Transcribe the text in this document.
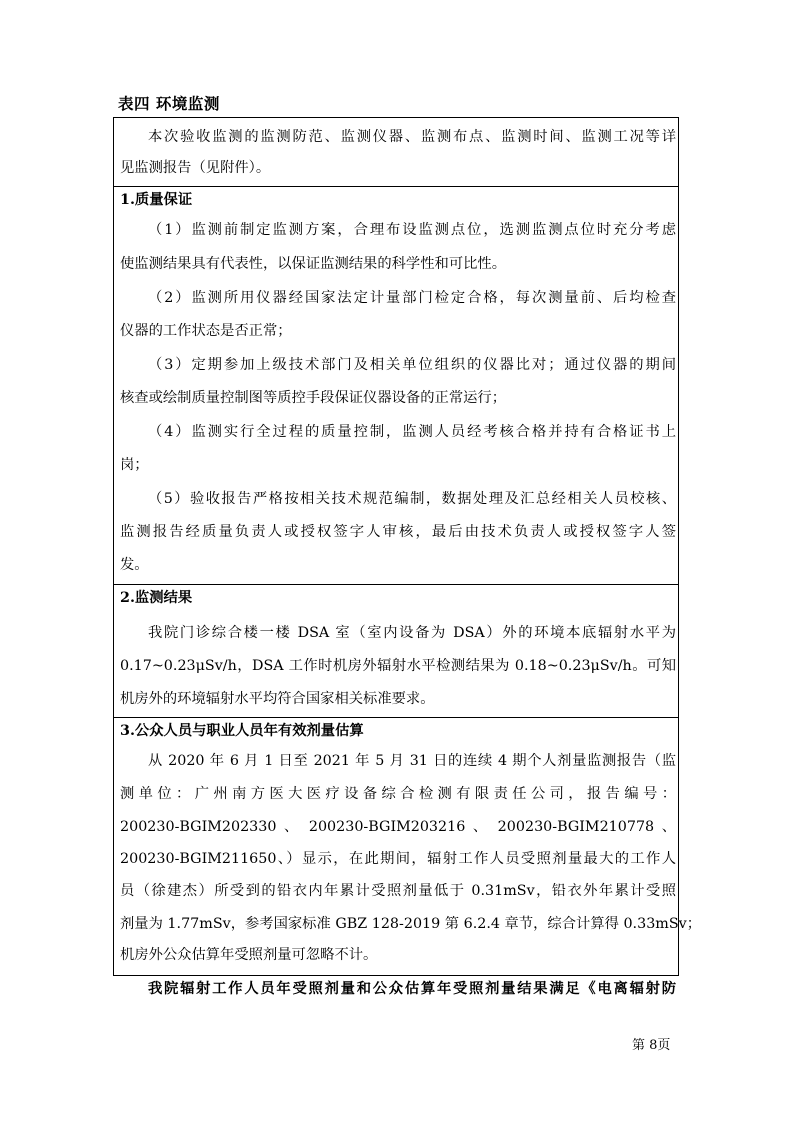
表四 环境监测
本次验收监测的监测防范、监测仪器、监测布点、监测时间、监测工况等详
见监测报告（见附件）。
1.质量保证
（1）监测前制定监测方案，合理布设监测点位，选测监测点位时充分考虑
使监测结果具有代表性，以保证监测结果的科学性和可比性。
（2）监测所用仪器经国家法定计量部门检定合格，每次测量前、后均检查
仪器的工作状态是否正常；
（3）定期参加上级技术部门及相关单位组织的仪器比对；通过仪器的期间
核查或绘制质量控制图等质控手段保证仪器设备的正常运行；
（4）监测实行全过程的质量控制，监测人员经考核合格并持有合格证书上
岗；
（5）验收报告严格按相关技术规范编制，数据处理及汇总经相关人员校核、
监测报告经质量负责人或授权签字人审核，最后由技术负责人或授权签字人签
发。
2.监测结果
我院门诊综合楼一楼 DSA 室（室内设备为 DSA）外的环境本底辐射水平为
0.17~0.23μSv/h，DSA 工作时机房外辐射水平检测结果为 0.18~0.23μSv/h。可知
机房外的环境辐射水平均符合国家相关标准要求。
3.公众人员与职业人员年有效剂量估算
从 2020 年 6 月 1 日至 2021 年 5 月 31 日的连续 4 期个人剂量监测报告（监
测单位：广州南方医大医疗设备综合检测有限责任公司，报告编号：
200230-BGIM202330 、 200230-BGIM203216 、 200230-BGIM210778 、
200230-BGIM211650、）显示，在此期间，辐射工作人员受照剂量最大的工作人
员（徐建杰）所受到的铅衣内年累计受照剂量低于 0.31mSv，铅衣外年累计受照
剂量为 1.77mSv，参考国家标准 GBZ 128-2019 第 6.2.4 章节，综合计算得 0.33mSv；
机房外公众估算年受照剂量可忽略不计。
我院辐射工作人员年受照剂量和公众估算年受照剂量结果满足《电离辐射防
第 8页
